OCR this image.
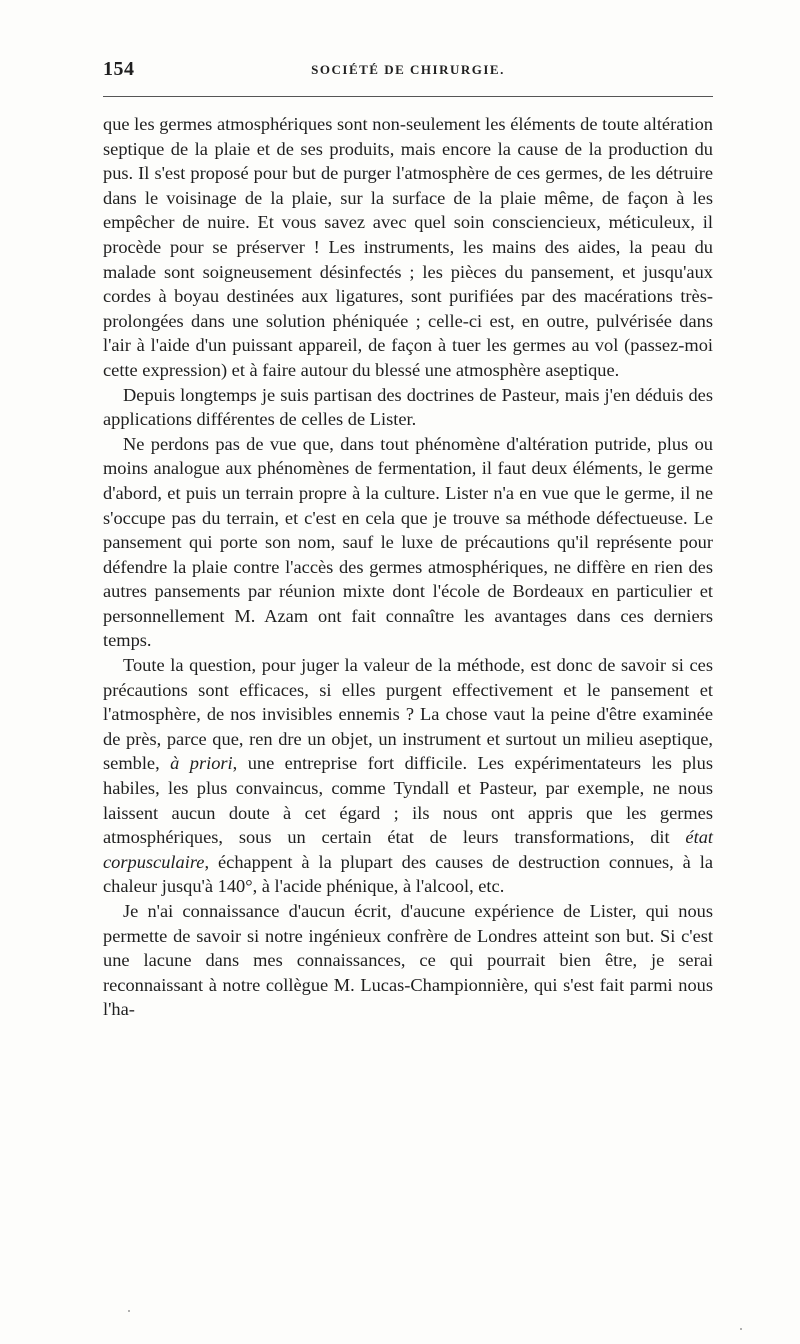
154	SOCIÉTÉ DE CHIRURGIE.

que les germes atmosphériques sont non-seulement les éléments de toute altération septique de la plaie et de ses produits, mais encore la cause de la production du pus. Il s'est proposé pour but de purger l'atmosphère de ces germes, de les détruire dans le voisinage de la plaie, sur la surface de la plaie même, de façon à les empêcher de nuire. Et vous savez avec quel soin consciencieux, méticuleux, il procède pour se préserver ! Les instruments, les mains des aides, la peau du malade sont soigneusement désinfectés ; les pièces du pansement, et jusqu'aux cordes à boyau destinées aux ligatures, sont purifiées par des macérations très-prolongées dans une solution phéniquée ; celle-ci est, en outre, pulvérisée dans l'air à l'aide d'un puissant appareil, de façon à tuer les germes au vol (passez-moi cette expression) et à faire autour du blessé une atmosphère aseptique.

Depuis longtemps je suis partisan des doctrines de Pasteur, mais j'en déduis des applications différentes de celles de Lister.

Ne perdons pas de vue que, dans tout phénomène d'altération putride, plus ou moins analogue aux phénomènes de fermentation, il faut deux éléments, le germe d'abord, et puis un terrain propre à la culture. Lister n'a en vue que le germe, il ne s'occupe pas du terrain, et c'est en cela que je trouve sa méthode défectueuse. Le pansement qui porte son nom, sauf le luxe de précautions qu'il représente pour défendre la plaie contre l'accès des germes atmosphériques, ne diffère en rien des autres pansements par réunion mixte dont l'école de Bordeaux en particulier et personnellement M. Azam ont fait connaître les avantages dans ces derniers temps.

Toute la question, pour juger la valeur de la méthode, est donc de savoir si ces précautions sont efficaces, si elles purgent effectivement et le pansement et l'atmosphère, de nos invisibles ennemis ? La chose vaut la peine d'être examinée de près, parce que, ren dre un objet, un instrument et surtout un milieu aseptique, semble, à priori, une entreprise fort difficile. Les expérimentateurs les plus habiles, les plus convaincus, comme Tyndall et Pasteur, par exemple, ne nous laissent aucun doute à cet égard ; ils nous ont appris que les germes atmosphériques, sous un certain état de leurs transformations, dit état corpusculaire, échappent à la plupart des causes de destruction connues, à la chaleur jusqu'à 140°, à l'acide phénique, à l'alcool, etc.

Je n'ai connaissance d'aucun écrit, d'aucune expérience de Lister, qui nous permette de savoir si notre ingénieux confrère de Londres atteint son but. Si c'est une lacune dans mes connaissances, ce qui pourrait bien être, je serai reconnaissant à notre collègue M. Lucas-Championnière, qui s'est fait parmi nous l'ha-
